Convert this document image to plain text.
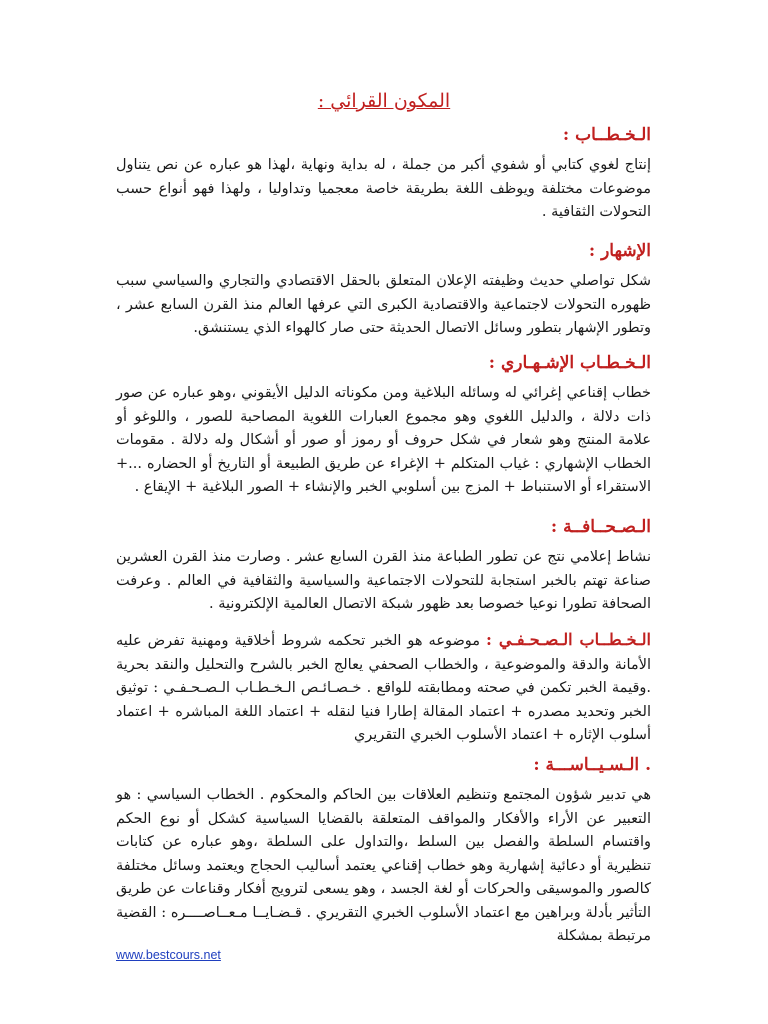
المكون القرائي :

الـخـطــاب :

إنتاج لغوي كتابي أو شفوي أكبر من جملة ، له بداية ونهاية ،لهذا هو عباره عن نص يتناول موضوعات مختلفة ويوظف اللغة بطريقة خاصة معجميا وتداوليا ، ولهذا فهو أنواع حسب التحولات الثقافية .

الإشهار :

شكل تواصلي حديث وظيفته الإعلان المتعلق بالحقل الاقتصادي والتجاري والسياسي سبب ظهوره التحولات لاجتماعية والاقتصادية الكبرى التي عرفها العالم منذ القرن السابع عشر ، وتطور الإشهار بتطور وسائل الاتصال الحديثة حتى صار كالهواء الذي يستنشق.

الـخـطـاب الإشـهـاري :

خطاب إقناعي إغرائي له وسائله البلاغية ومن مكوناته الدليل الأيقوني ،وهو عباره عن صور ذات دلالة ، والدليل اللغوي وهو مجموع العبارات اللغوية المصاحبة للصور ، واللوغو أو علامة المنتج وهو شعار في شكل حروف أو رموز أو صور أو أشكال وله دلالة . مقومات الخطاب الإشهاري : غياب المتكلم + الإغراء عن طريق الطبيعة أو التاريخ أو الحضاره ...+ الاستقراء أو الاستنباط + المزج بين أسلوبي الخبر والإنشاء + الصور البلاغية + الإيقاع .

الـصـحــافــة :

نشاط إعلامي نتج عن تطور الطباعة منذ القرن السابع عشر . وصارت منذ القرن العشرين صناعة تهتم بالخبر استجابة للتحولات الاجتماعية والسياسية والثقافية في العالم . وعرفت الصحافة تطورا نوعيا خصوصا بعد ظهور شبكة الاتصال العالمية الإلكترونية .

الـخـطــاب الـصـحـفـي : موضوعه هو الخبر تحكمه شروط أخلاقية ومهنية تفرض عليه الأمانة والدقة والموضوعية ، والخطاب الصحفي يعالج الخبر بالشرح والتحليل والنقد بحرية .وقيمة الخبر تكمن في صحته ومطابقته للواقع . خـصـائـص الـخـطـاب الـصـحـفـي : توثيق الخبر وتحديد مصدره + اعتماد المقالة إطارا فنيا لنقله + اعتماد اللغة المباشره + اعتماد أسلوب الإثاره + اعتماد الأسلوب الخبري التقريري

. الـسـيــاســـة :

هي تدبير شؤون المجتمع وتنظيم العلاقات بين الحاكم والمحكوم . الخطاب السياسي : هو التعبير عن الأراء والأفكار والمواقف المتعلقة بالقضايا السياسية كشكل أو نوع الحكم واقتسام السلطة والفصل بين السلط ،والتداول على السلطة ،وهو عباره عن كتابات تنظيرية أو دعائية إشهارية وهو خطاب إقناعي يعتمد أساليب الحجاج ويعتمد وسائل مختلفة كالصور والموسيقى والحركات أو لغة الجسد ، وهو يسعى لترويج أفكار وقناعات عن طريق التأثير بأدلة وبراهين مع اعتماد الأسلوب الخبري التقريري . قـضـايــا مـعــاصــــره : القضية مرتبطة بمشكلة

www.bestcours.net
